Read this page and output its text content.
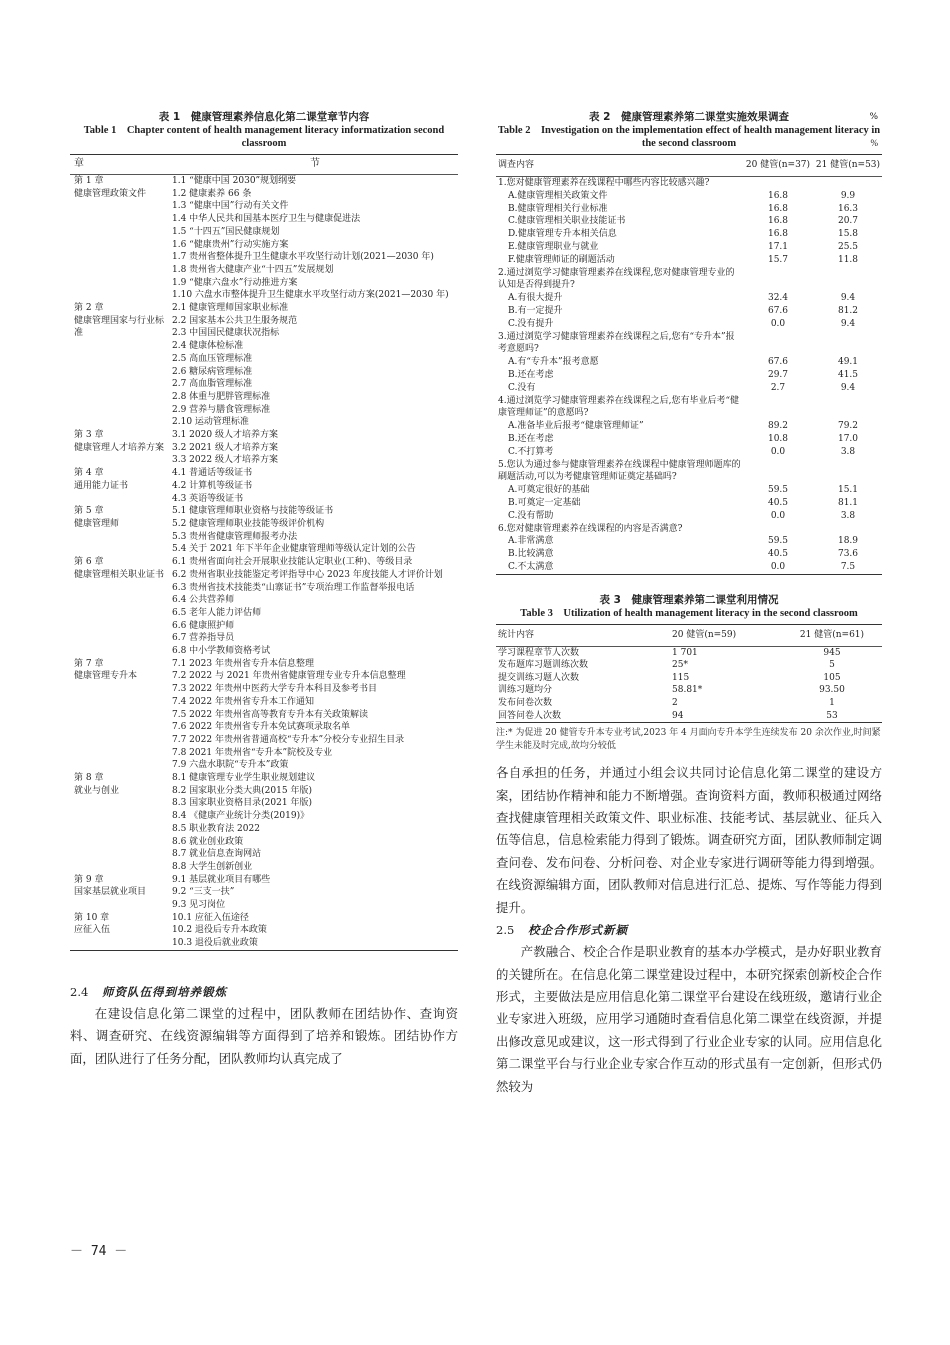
表 1　健康管理素养信息化第二课堂章节内容
Table 1　Chapter content of health management literacy informatization second classroom
章	节

第 1 章
健康管理政策文件	1.1 “健康中国 2030”规划纲要
	1.2 健康素养 66 条
	1.3 “健康中国”行动有关文件
	1.4 中华人民共和国基本医疗卫生与健康促进法
	1.5 “十四五”国民健康规划
	1.6 “健康贵州”行动实施方案
	1.7 贵州省整体提升卫生健康水平攻坚行动计划(2021—2030 年)
	1.8 贵州省大健康产业“十四五”发展规划
	1.9 “健康六盘水”行动推进方案
	1.10 六盘水市整体提升卫生健康水平攻坚行动方案(2021—2030 年)

第 2 章
健康管理国家与行业标准	2.1 健康管理师国家职业标准
	2.2 国家基本公共卫生服务规范
	2.3 中国国民健康状况指标
	2.4 健康体检标准
	2.5 高血压管理标准
	2.6 糖尿病管理标准
	2.7 高血脂管理标准
	2.8 体重与肥胖管理标准
	2.9 营养与膳食管理标准
	2.10 运动管理标准

第 3 章
健康管理人才培养方案	3.1 2020 级人才培养方案
	3.2 2021 级人才培养方案
	3.3 2022 级人才培养方案

第 4 章
通用能力证书	4.1 普通话等级证书
	4.2 计算机等级证书
	4.3 英语等级证书

第 5 章
健康管理师	5.1 健康管理师职业资格与技能等级证书
	5.2 健康管理师职业技能等级评价机构
	5.3 贵州省健康管理师报考办法
	5.4 关于 2021 年下半年企业健康管理师等级认定计划的公告

第 6 章
健康管理相关职业证书	6.1 贵州省面向社会开展职业技能认定职业(工种)、等级目录
	6.2 贵州省职业技能鉴定考评指导中心 2023 年度技能人才评价计划
	6.3 贵州省技术技能类“山寨证书”专项治理工作监督举报电话
	6.4 公共营养师
	6.5 老年人能力评估师
	6.6 健康照护师
	6.7 营养指导员
	6.8 中小学教师资格考试

第 7 章
健康管理专升本	7.1 2023 年贵州省专升本信息整理
	7.2 2022 与 2021 年贵州省健康管理专业专升本信息整理
	7.3 2022 年贵州中医药大学专升本科目及参考书目
	7.4 2022 年贵州省专升本工作通知
	7.5 2022 年贵州省高等教育专升本有关政策解读
	7.6 2022 年贵州省专升本免试赛项录取名单
	7.7 2022 年贵州省普通高校“专升本”分校分专业招生目录
	7.8 2021 年贵州省“专升本”院校及专业
	7.9 六盘水职院“专升本”政策

第 8 章
就业与创业	8.1 健康管理专业学生职业规划建议
	8.2 国家职业分类大典(2015 年版)
	8.3 国家职业资格目录(2021 年版)
	8.4 《健康产业统计分类(2019)》
	8.5 职业教育法 2022
	8.6 就业创业政策
	8.7 就业信息查询网站
	8.8 大学生创新创业

第 9 章
国家基层就业项目	9.1 基层就业项目有哪些
	9.2 “三支一扶”
	9.3 见习岗位

第 10 章
应征入伍	10.1 应征入伍途径
	10.2 退役后专升本政策
	10.3 退役后就业政策
2.4 师资队伍得到培养锻炼

在建设信息化第二课堂的过程中，团队教师在团结协作、查询资料、调查研究、在线资源编辑等方面得到了培养和锻炼。团结协作方面，团队进行了任务分配，团队教师均认真完成了

－ 74 －
表 2　健康管理素养第二课堂实施效果调查	%
Table 2　Investigation on the implementation effect of health management literacy in the second classroom	%
调查内容	20 健管(n=37)	21 健管(n=53)
1.您对健康管理素养在线课程中哪些内容比较感兴趣?		
A.健康管理相关政策文件	16.8	9.9
B.健康管理相关行业标准	16.8	16.3
C.健康管理相关职业技能证书	16.8	20.7
D.健康管理专升本相关信息	16.8	15.8
E.健康管理职业与就业	17.1	25.5
F.健康管理师证的刷题活动	15.7	11.8
2.通过浏览学习健康管理素养在线课程,您对健康管理专业的认知是否得到提升?		
A.有很大提升	32.4	9.4
B.有一定提升	67.6	81.2
C.没有提升	0.0	9.4
3.通过浏览学习健康管理素养在线课程之后,您有“专升本”报考意愿吗?		
A.有“专升本”报考意愿	67.6	49.1
B.还在考虑	29.7	41.5
C.没有	2.7	9.4
4.通过浏览学习健康管理素养在线课程之后,您有毕业后考“健康管理师证”的意愿吗?		
A.准备毕业后报考“健康管理师证”	89.2	79.2
B.还在考虑	10.8	17.0
C.不打算考	0.0	3.8
5.您认为通过参与健康管理素养在线课程中健康管理师题库的刷题活动,可以为考健康管理师证奠定基础吗?		
A.可奠定很好的基础	59.5	15.1
B.可奠定一定基础	40.5	81.1
C.没有帮助	0.0	3.8
6.您对健康管理素养在线课程的内容是否满意?		
A.非常满意	59.5	18.9
B.比较满意	40.5	73.6
C.不太满意	0.0	7.5
表 3　健康管理素养第二课堂利用情况
Table 3　Utilization of health management literacy in the second classroom
统计内容	20 健管(n=59)	21 健管(n=61)
学习课程章节人次数	1 701	945
发布题库习题训练次数	25*	5
提交训练习题人次数	115	105
训练习题均分	58.81*	93.50
发布问卷次数	2	1
回答问卷人次数	94	53
注:* 为促进 20 健管专升本专业考试,2023 年 4 月面向专升本学生连续发布 20 余次作业,时间紧学生未能及时完成,故均分较低

各自承担的任务，并通过小组会议共同讨论信息化第二课堂的建设方案，团结协作精神和能力不断增强。查询资料方面，教师积极通过网络查找健康管理相关政策文件、职业标准、技能考试、基层就业、征兵入伍等信息，信息检索能力得到了锻炼。调查研究方面，团队教师制定调查问卷、发布问卷、分析问卷、对企业专家进行调研等能力得到增强。在线资源编辑方面，团队教师对信息进行汇总、提炼、写作等能力得到提升。

2.5 校企合作形式新颖

产教融合、校企合作是职业教育的基本办学模式，是办好职业教育的关键所在。在信息化第二课堂建设过程中，本研究探索创新校企合作形式，主要做法是应用信息化第二课堂平台建设在线班级，邀请行业企业专家进入班级，应用学习通随时查看信息化第二课堂在线资源，并提出修改意见或建议，这一形式得到了行业企业专家的认同。应用信息化第二课堂平台与行业企业专家合作互动的形式虽有一定创新，但形式仍然较为
